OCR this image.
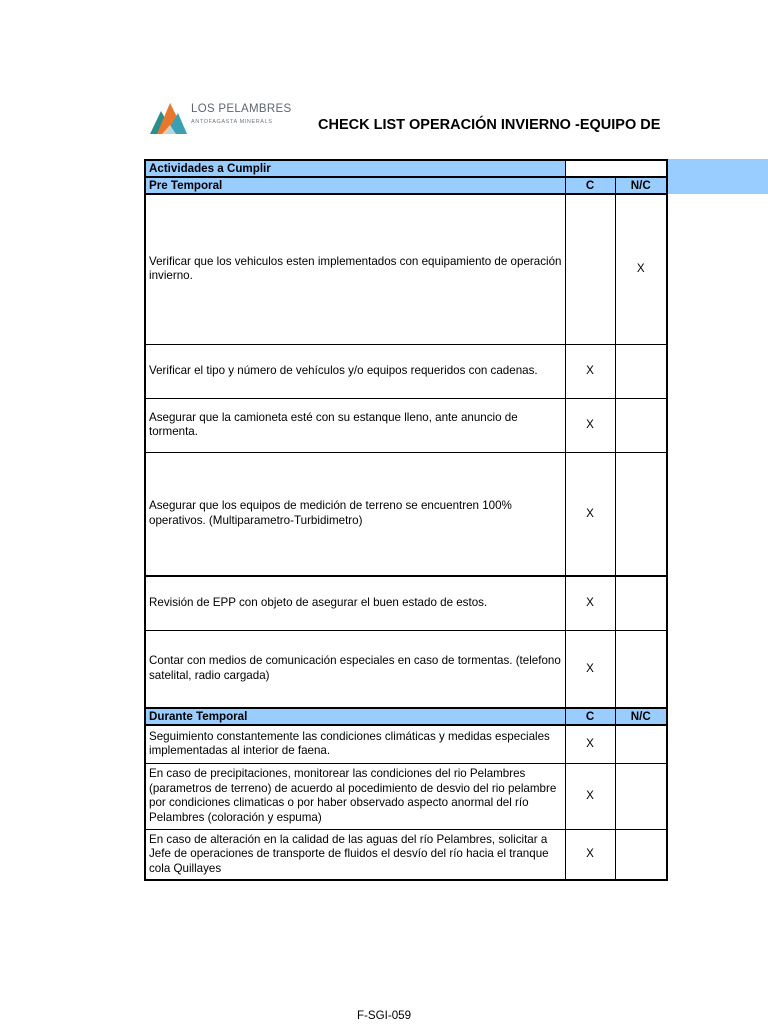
LOS PELAMBRES
ANTOFAGASTA MINERALS	CHECK LIST OPERACIÓN INVIERNO -EQUIPO DE
Actividades a Cumplir		
Pre Temporal	C	N/C
Verificar que los vehiculos esten implementados con equipamiento de operación invierno.		X
Verificar el tipo y número de vehículos y/o equipos requeridos con cadenas.	X	
Asegurar que la camioneta esté con su estanque lleno, ante anuncio de tormenta.	X	
Asegurar que los equipos de medición de terreno se encuentren 100% operativos. (Multiparametro-Turbidimetro)	X	
Revisión de EPP con objeto de asegurar el buen estado de estos.	X	
Contar con medios de comunicación especiales en caso de tormentas. (telefono satelital, radio cargada)	X	
Durante Temporal	C	N/C
Seguimiento constantemente las condiciones climáticas y medidas especiales implementadas al interior de faena.	X	
En caso de precipitaciones, monitorear las condiciones del rio Pelambres (parametros de terreno) de acuerdo al pocedimiento de desvio del rio pelambre por condiciones climaticas o por haber observado aspecto anormal del río Pelambres (coloración y espuma)	X	
En caso de alteración en la calidad de las aguas del río Pelambres, solicitar a Jefe de operaciones de transporte de fluidos el desvío del río hacia el tranque cola Quillayes	X	
F-SGI-059
